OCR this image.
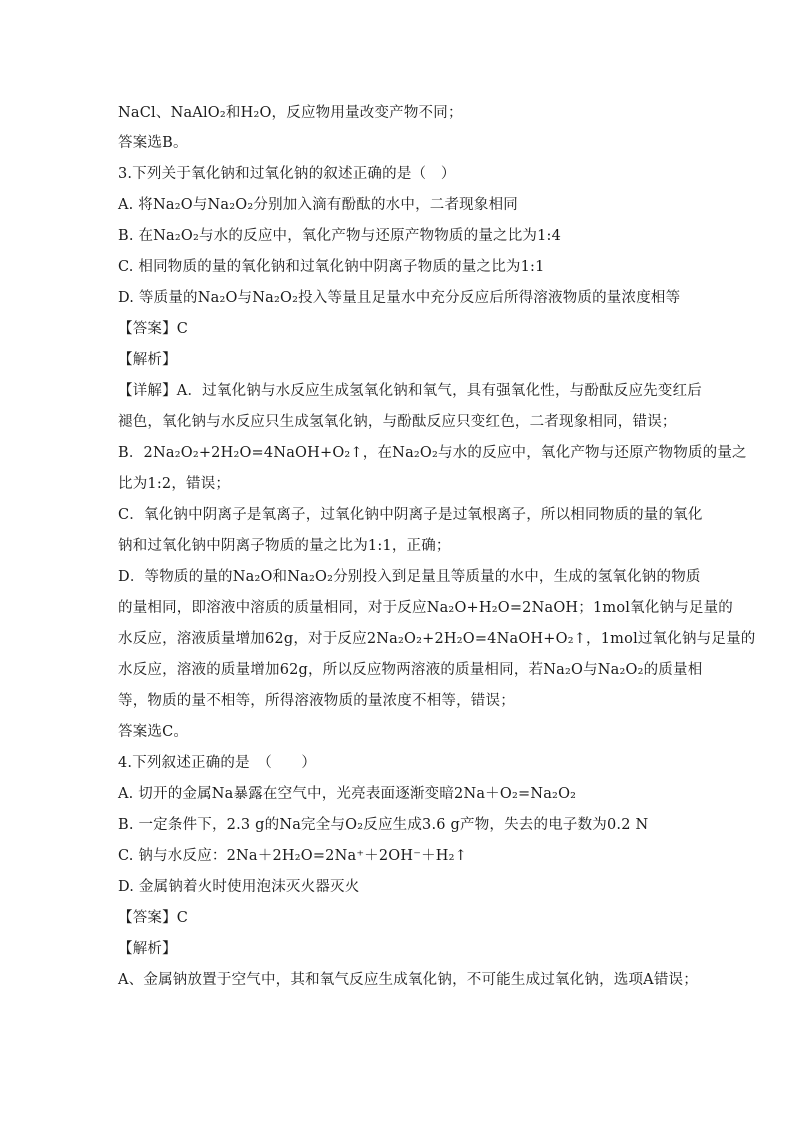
NaCl、NaAlO₂和H₂O，反应物用量改变产物不同；
答案选B。
3.下列关于氧化钠和过氧化钠的叙述正确的是（　）
A. 将Na₂O与Na₂O₂分别加入滴有酚酞的水中，二者现象相同
B. 在Na₂O₂与水的反应中，氧化产物与还原产物物质的量之比为1:4
C. 相同物质的量的氧化钠和过氧化钠中阴离子物质的量之比为1:1
D. 等质量的Na₂O与Na₂O₂投入等量且足量水中充分反应后所得溶液物质的量浓度相等
【答案】C
【解析】
【详解】A．过氧化钠与水反应生成氢氧化钠和氧气，具有强氧化性，与酚酞反应先变红后
褪色，氧化钠与水反应只生成氢氧化钠，与酚酞反应只变红色，二者现象相同，错误；
B．2Na₂O₂+2H₂O=4NaOH+O₂↑，在Na₂O₂与水的反应中，氧化产物与还原产物物质的量之
比为1:2，错误；
C．氧化钠中阴离子是氧离子，过氧化钠中阴离子是过氧根离子，所以相同物质的量的氧化
钠和过氧化钠中阴离子物质的量之比为1:1，正确；
D．等物质的量的Na₂O和Na₂O₂分别投入到足量且等质量的水中，生成的氢氧化钠的物质
的量相同，即溶液中溶质的质量相同，对于反应Na₂O+H₂O=2NaOH；1mol氧化钠与足量的
水反应，溶液质量增加62g，对于反应2Na₂O₂+2H₂O=4NaOH+O₂↑，1mol过氧化钠与足量的
水反应，溶液的质量增加62g，所以反应物两溶液的质量相同，若Na₂O与Na₂O₂的质量相
等，物质的量不相等，所得溶液物质的量浓度不相等，错误；
答案选C。
4.下列叙述正确的是　（　　）
A. 切开的金属Na暴露在空气中，光亮表面逐渐变暗2Na＋O₂=Na₂O₂
B. 一定条件下，2.3 g的Na完全与O₂反应生成3.6 g产物，失去的电子数为0.2 N
C. 钠与水反应：2Na＋2H₂O=2Na⁺＋2OH⁻＋H₂↑
D. 金属钠着火时使用泡沫灭火器灭火
【答案】C
【解析】
A、金属钠放置于空气中，其和氧气反应生成氧化钠，不可能生成过氧化钠，选项A错误；
